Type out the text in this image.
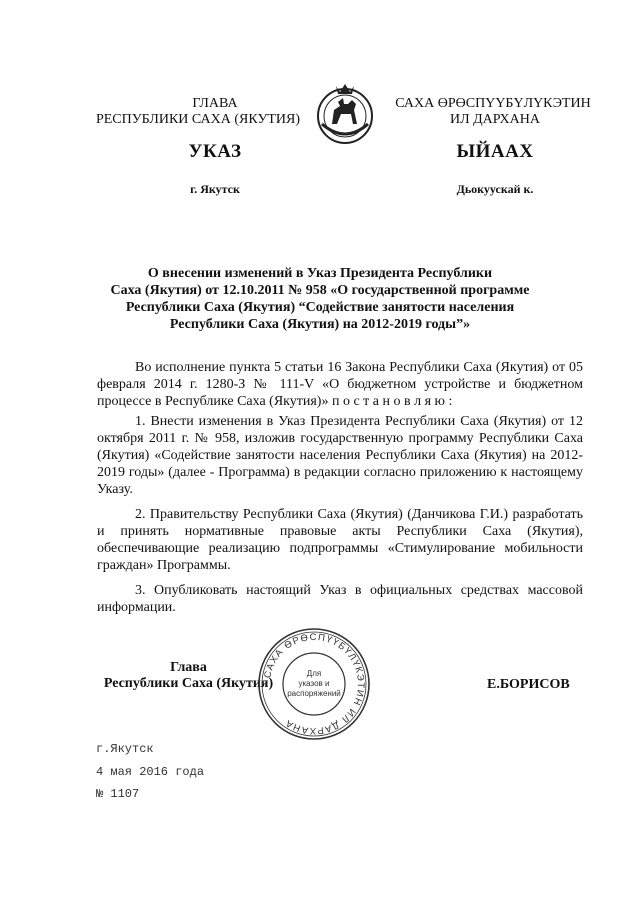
ГЛАВА
РЕСПУБЛИКИ САХА (ЯКУТИЯ)
САХА ӨРӨСПҮҮБҮЛҮКЭТИН
ИЛ ДАРХАНА
УКАЗ	ЫЙААХ
г. Якутск	Дьокуускай к.
О внесении изменений в Указ Президента Республики
Саха (Якутия) от 12.10.2011 № 958 «О государственной программе
Республики Саха (Якутия) “Содействие занятости населения
Республики Саха (Якутия) на 2012-2019 годы”»
Во исполнение пункта 5 статьи 16 Закона Республики Саха (Якутия) от 05 февраля 2014 г. 1280-З № 111-V «О бюджетном устройстве и бюджетном процессе в Республике Саха (Якутия)» п о с т а н о в л я ю :
1. Внести изменения в Указ Президента Республики Саха (Якутия) от 12 октября 2011 г. № 958, изложив государственную программу Республики Саха (Якутия) «Содействие занятости населения Республики Саха (Якутия) на 2012-2019 годы» (далее - Программа) в редакции согласно приложению к настоящему Указу.
2. Правительству Республики Саха (Якутия) (Данчикова Г.И.) разработать и принять нормативные правовые акты Республики Саха (Якутия), обеспечивающие реализацию подпрограммы «Стимулирование мобильности граждан» Программы.
3. Опубликовать настоящий Указ в официальных средствах массовой информации.
Глава
Республики Саха (Якутия)	Е.БОРИСОВ
САХА ӨРӨСПҮҮБҮЛҮКЭТИН ИЛ ДАРХАНА
Для
указов и
распоряжений
г.Якутск
4 мая 2016 года
№ 1107
